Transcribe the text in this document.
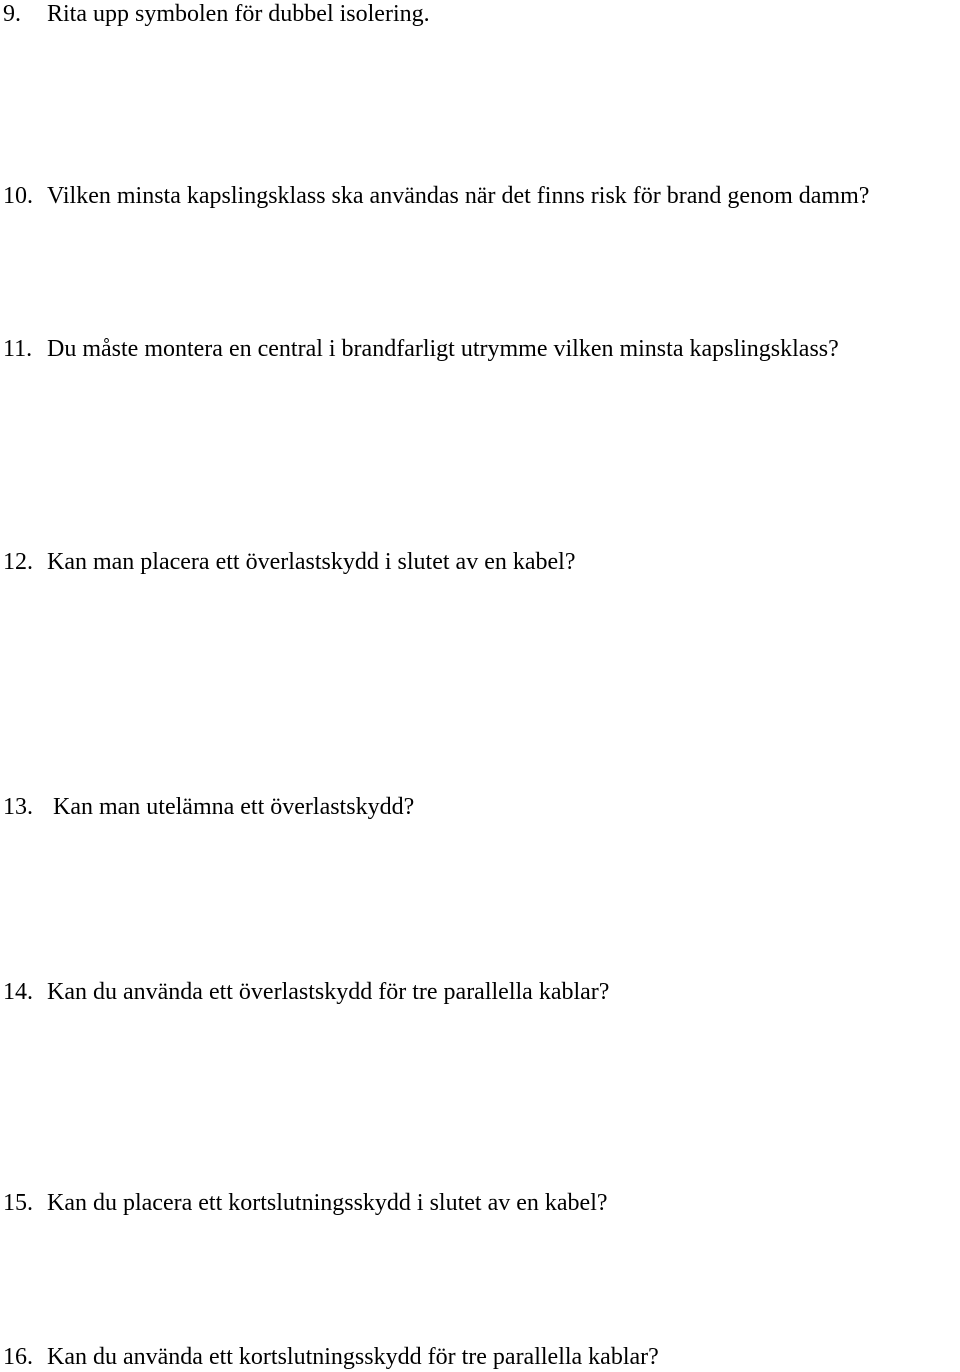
9. Rita upp symbolen för dubbel isolering.
10. Vilken minsta kapslingsklass ska användas när det finns risk för brand genom damm?
11. Du måste montera en central i brandfarligt utrymme vilken minsta kapslingsklass?
12. Kan man placera ett överlastskydd i slutet av en kabel?
13. Kan man utelämna ett överlastskydd?
14. Kan du använda ett överlastskydd för tre parallella kablar?
15. Kan du placera ett kortslutningsskydd i slutet av en kabel?
16. Kan du använda ett kortslutningsskydd för tre parallella kablar?
